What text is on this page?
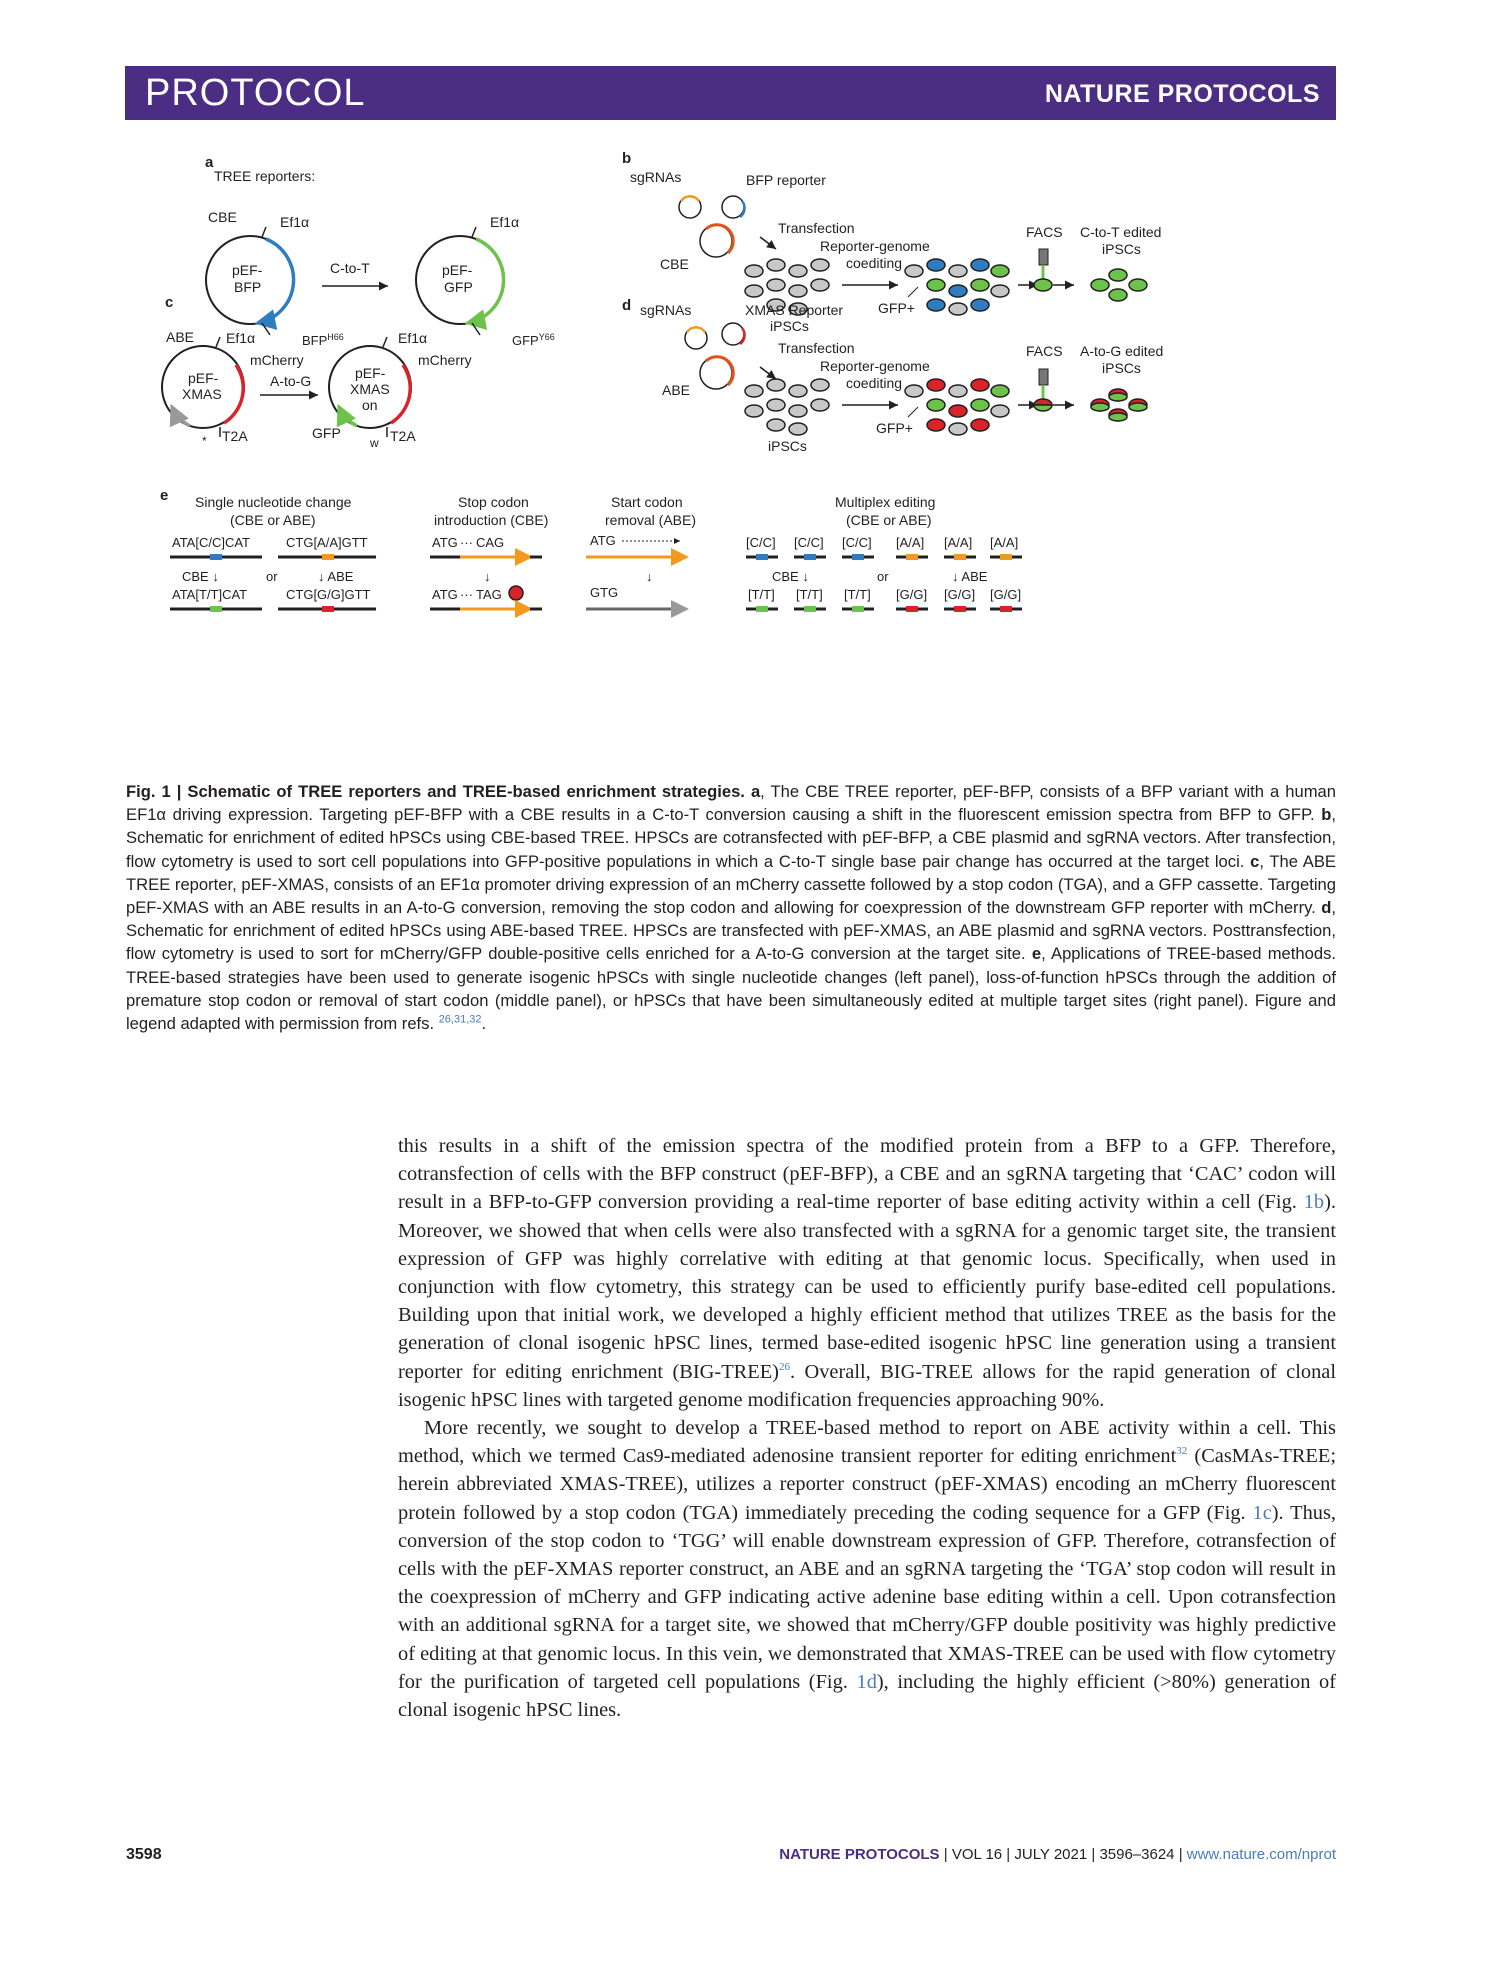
PROTOCOL	NATURE PROTOCOLS
a
TREE reporters:
CBE	Ef1α
pEF-
BFP
$BFP^{H66}$
C-to-T
Ef1α
pEF-
GFP
$GFP^{Y66}$
b
sgRNAs	BFP reporter
CBE
Transfection
iPSCs
Reporter-genome
coediting
GFP+
FACS C-to-T edited
iPSCs
c
ABE Ef1α
mCherry
pEF-
XMAS
T2A
*
A-to-G
Ef1α
mCherry
pEF-
XMAS
on
T2A
GFP
w
d sgRNAs	XMAS Reporter
ABE
Transfection
iPSCs
Reporter-genome
coediting
GFP+
FACS A-to-G edited
iPSCs
e Single nucleotide change
(CBE or ABE)
Stop codon
introduction (CBE)
Start codon
removal (ABE)
Multiplex editing
(CBE or ABE)
ATA[C/C]CAT	CTG[A/A]GTT
CBE ↓	or	↓ ABE
ATA[T/T]CAT	CTG[G/G]GTT
ATG ··· CAG
↓
ATG ··· TAG
ATG
↓
GTG
[C/C] [C/C] [C/C] [A/A] [A/A] [A/A]
CBE ↓	or	↓ ABE
[T/T] [T/T] [T/T] [G/G] [G/G] [G/G]
Fig. 1 | Schematic of TREE reporters and TREE-based enrichment strategies. a, The CBE TREE reporter, pEF-BFP, consists of a BFP variant with a human EF1α driving expression. Targeting pEF-BFP with a CBE results in a C-to-T conversion causing a shift in the fluorescent emission spectra from BFP to GFP. b, Schematic for enrichment of edited hPSCs using CBE-based TREE. HPSCs are cotransfected with pEF-BFP, a CBE plasmid and sgRNA vectors. After transfection, flow cytometry is used to sort cell populations into GFP-positive populations in which a C-to-T single base pair change has occurred at the target loci. c, The ABE TREE reporter, pEF-XMAS, consists of an EF1α promoter driving expression of an mCherry cassette followed by a stop codon (TGA), and a GFP cassette. Targeting pEF-XMAS with an ABE results in an A-to-G conversion, removing the stop codon and allowing for coexpression of the downstream GFP reporter with mCherry. d, Schematic for enrichment of edited hPSCs using ABE-based TREE. HPSCs are transfected with pEF-XMAS, an ABE plasmid and sgRNA vectors. Posttransfection, flow cytometry is used to sort for mCherry/GFP double-positive cells enriched for a A-to-G conversion at the target site. e, Applications of TREE-based methods. TREE-based strategies have been used to generate isogenic hPSCs with single nucleotide changes (left panel), loss-of-function hPSCs through the addition of premature stop codon or removal of start codon (middle panel), or hPSCs that have been simultaneously edited at multiple target sites (right panel). Figure and legend adapted with permission from refs. $^{26,31,32}$.

this results in a shift of the emission spectra of the modified protein from a BFP to a GFP. Therefore, cotransfection of cells with the BFP construct (pEF-BFP), a CBE and an sgRNA targeting that ‘CAC’ codon will result in a BFP-to-GFP conversion providing a real-time reporter of base editing activity within a cell (Fig. 1b). Moreover, we showed that when cells were also transfected with a sgRNA for a genomic target site, the transient expression of GFP was highly correlative with editing at that genomic locus. Specifically, when used in conjunction with flow cytometry, this strategy can be used to efficiently purify base-edited cell populations. Building upon that initial work, we developed a highly efficient method that utilizes TREE as the basis for the generation of clonal isogenic hPSC lines, termed base-edited isogenic hPSC line generation using a transient reporter for editing enrichment (BIG-TREE)$^{26}$. Overall, BIG-TREE allows for the rapid generation of clonal isogenic hPSC lines with targeted genome modification frequencies approaching 90%.

More recently, we sought to develop a TREE-based method to report on ABE activity within a cell. This method, which we termed Cas9-mediated adenosine transient reporter for editing enrichment$^{32}$ (CasMAs-TREE; herein abbreviated XMAS-TREE), utilizes a reporter construct (pEF-XMAS) encoding an mCherry fluorescent protein followed by a stop codon (TGA) immediately preceding the coding sequence for a GFP (Fig. 1c). Thus, conversion of the stop codon to ‘TGG’ will enable downstream expression of GFP. Therefore, cotransfection of cells with the pEF-XMAS reporter construct, an ABE and an sgRNA targeting the ‘TGA’ stop codon will result in the coexpression of mCherry and GFP indicating active adenine base editing within a cell. Upon cotransfection with an additional sgRNA for a target site, we showed that mCherry/GFP double positivity was highly predictive of editing at that genomic locus. In this vein, we demonstrated that XMAS-TREE can be used with flow cytometry for the purification of targeted cell populations (Fig. 1d), including the highly efficient (>80%) generation of clonal isogenic hPSC lines.

3598	NATURE PROTOCOLS | VOL 16 | JULY 2021 | 3596–3624 | www.nature.com/nprot
